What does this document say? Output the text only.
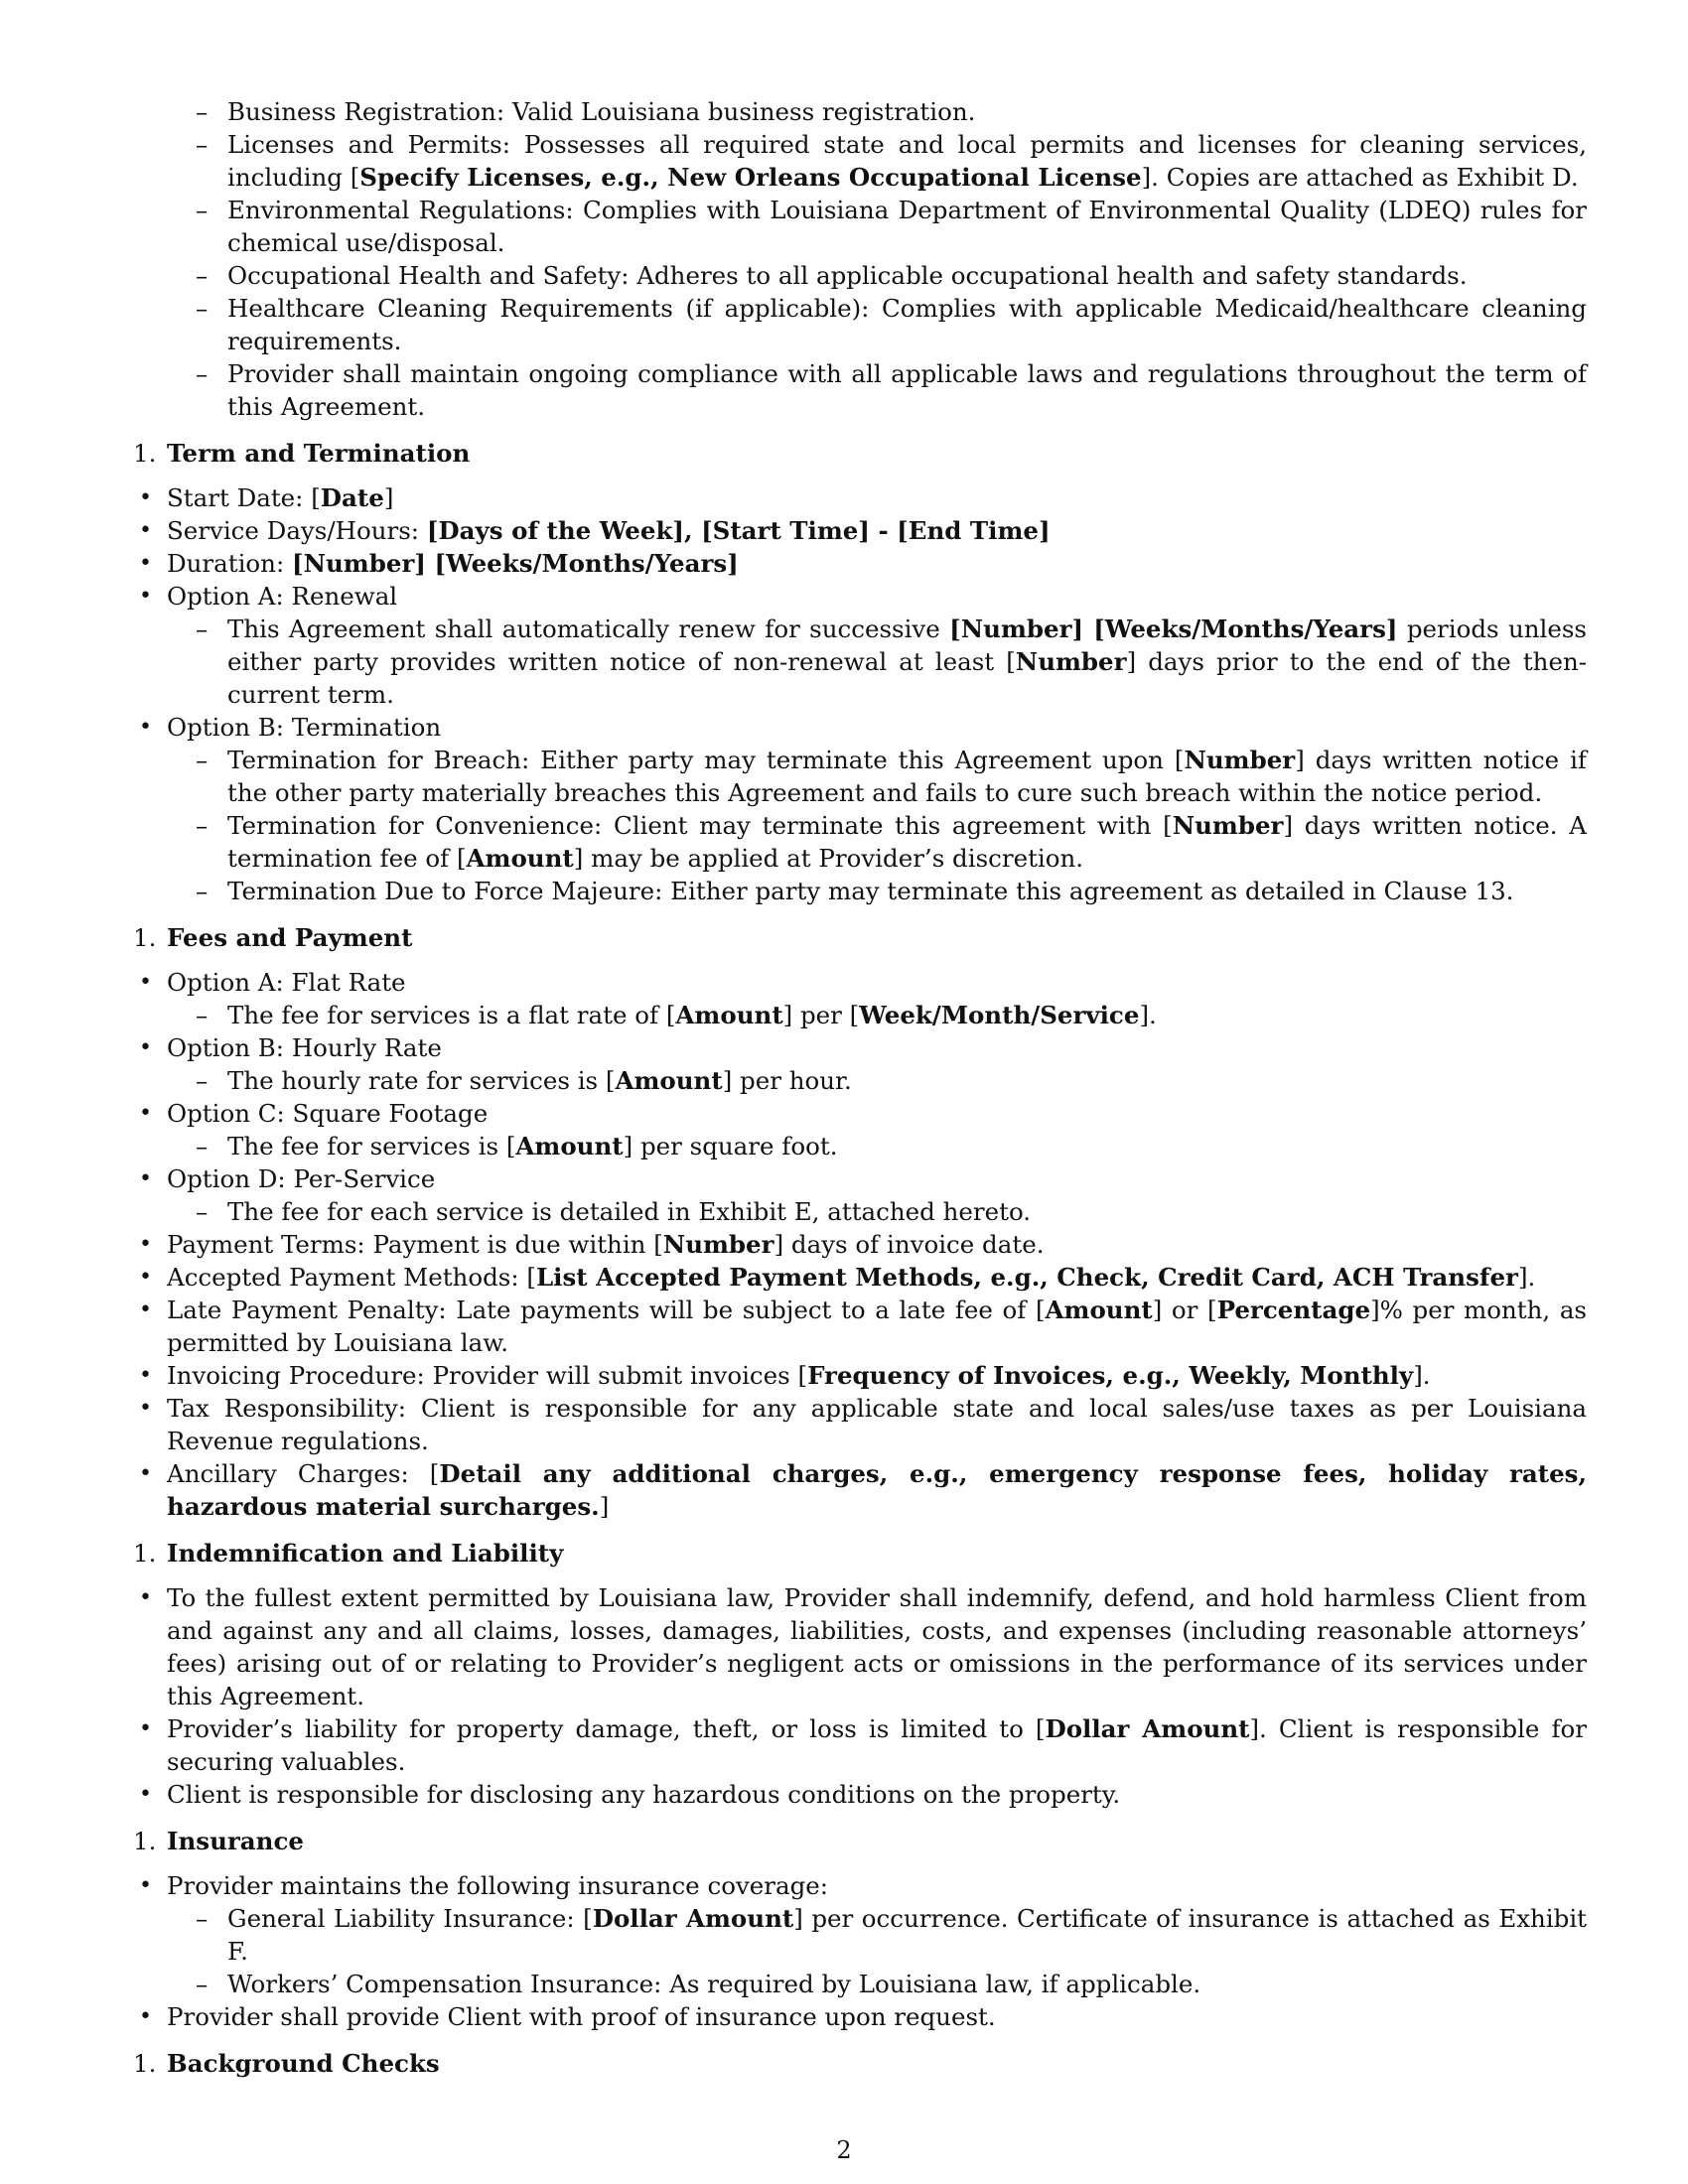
– Business Registration: Valid Louisiana business registration.
– Licenses and Permits: Possesses all required state and local permits and licenses for cleaning services, including [Specify Licenses, e.g., New Orleans Occupational License]. Copies are attached as Exhibit D.
– Environmental Regulations: Complies with Louisiana Department of Environmental Quality (LDEQ) rules for chemical use/disposal.
– Occupational Health and Safety: Adheres to all applicable occupational health and safety standards.
– Healthcare Cleaning Requirements (if applicable): Complies with applicable Medicaid/healthcare cleaning requirements.
– Provider shall maintain ongoing compliance with all applicable laws and regulations throughout the term of this Agreement.
1. Term and Termination
• Start Date: [Date]
• Service Days/Hours: [Days of the Week], [Start Time] - [End Time]
• Duration: [Number] [Weeks/Months/Years]
• Option A: Renewal
– This Agreement shall automatically renew for successive [Number] [Weeks/Months/Years] periods unless either party provides written notice of non-renewal at least [Number] days prior to the end of the then-current term.
• Option B: Termination
– Termination for Breach: Either party may terminate this Agreement upon [Number] days written notice if the other party materially breaches this Agreement and fails to cure such breach within the notice period.
– Termination for Convenience: Client may terminate this agreement with [Number] days written notice. A termination fee of [Amount] may be applied at Provider’s discretion.
– Termination Due to Force Majeure: Either party may terminate this agreement as detailed in Clause 13.
1. Fees and Payment
• Option A: Flat Rate
– The fee for services is a flat rate of [Amount] per [Week/Month/Service].
• Option B: Hourly Rate
– The hourly rate for services is [Amount] per hour.
• Option C: Square Footage
– The fee for services is [Amount] per square foot.
• Option D: Per-Service
– The fee for each service is detailed in Exhibit E, attached hereto.
• Payment Terms: Payment is due within [Number] days of invoice date.
• Accepted Payment Methods: [List Accepted Payment Methods, e.g., Check, Credit Card, ACH Transfer].
• Late Payment Penalty: Late payments will be subject to a late fee of [Amount] or [Percentage]% per month, as permitted by Louisiana law.
• Invoicing Procedure: Provider will submit invoices [Frequency of Invoices, e.g., Weekly, Monthly].
• Tax Responsibility: Client is responsible for any applicable state and local sales/use taxes as per Louisiana Revenue regulations.
• Ancillary Charges: [Detail any additional charges, e.g., emergency response fees, holiday rates, hazardous material surcharges.]
1. Indemnification and Liability
• To the fullest extent permitted by Louisiana law, Provider shall indemnify, defend, and hold harmless Client from and against any and all claims, losses, damages, liabilities, costs, and expenses (including reasonable attorneys’ fees) arising out of or relating to Provider’s negligent acts or omissions in the performance of its services under this Agreement.
• Provider’s liability for property damage, theft, or loss is limited to [Dollar Amount]. Client is responsible for securing valuables.
• Client is responsible for disclosing any hazardous conditions on the property.
1. Insurance
• Provider maintains the following insurance coverage:
– General Liability Insurance: [Dollar Amount] per occurrence. Certificate of insurance is attached as Exhibit F.
– Workers’ Compensation Insurance: As required by Louisiana law, if applicable.
• Provider shall provide Client with proof of insurance upon request.
1. Background Checks
2
